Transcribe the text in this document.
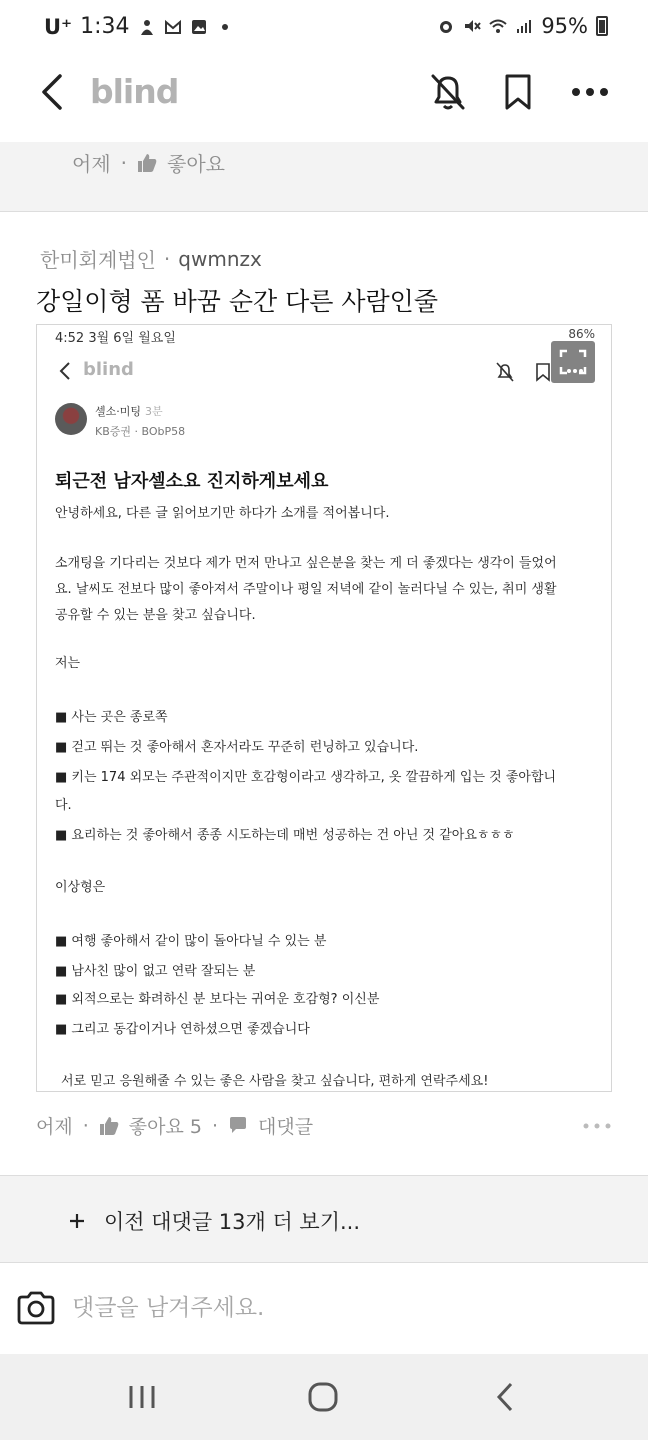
U⁺ 1:34	95%
blind
어제 · 좋아요
한미회계법인 · qwmnzx
강일이형 폼 바꿈 순간 다른 사람인줄
4:52 3월 6일 월요일	86%
blind
셀소·미팅 3분
KB증권 · BObP58
퇴근전 남자셀소요 진지하게보세요
안녕하세요, 다른 글 읽어보기만 하다가 소개를 적어봅니다.
소개팅을 기다리는 것보다 제가 먼저 만나고 싶은분을 찾는 게 더 좋겠다는 생각이 들었어
요. 날씨도 전보다 많이 좋아져서 주말이나 평일 저녁에 같이 놀러다닐 수 있는, 취미 생활
공유할 수 있는 분을 찾고 싶습니다.
저는
■ 사는 곳은 종로쪽
■ 걷고 뛰는 것 좋아해서 혼자서라도 꾸준히 런닝하고 있습니다.
■ 키는 174 외모는 주관적이지만 호감형이라고 생각하고, 옷 깔끔하게 입는 것 좋아합니
다.
■ 요리하는 것 좋아해서 종종 시도하는데 매번 성공하는 건 아닌 것 같아요ㅎㅎㅎ
이상형은
■ 여행 좋아해서 같이 많이 돌아다닐 수 있는 분
■ 남사친 많이 없고 연락 잘되는 분
■ 외적으로는 화려하신 분 보다는 귀여운 호감형? 이신분
■ 그리고 동갑이거나 연하셨으면 좋겠습니다
서로 믿고 응원해줄 수 있는 좋은 사람을 찾고 싶습니다, 편하게 연락주세요!
어제 · 좋아요 5 · 대댓글
이전 대댓글 13개 더 보기...
댓글을 남겨주세요.
